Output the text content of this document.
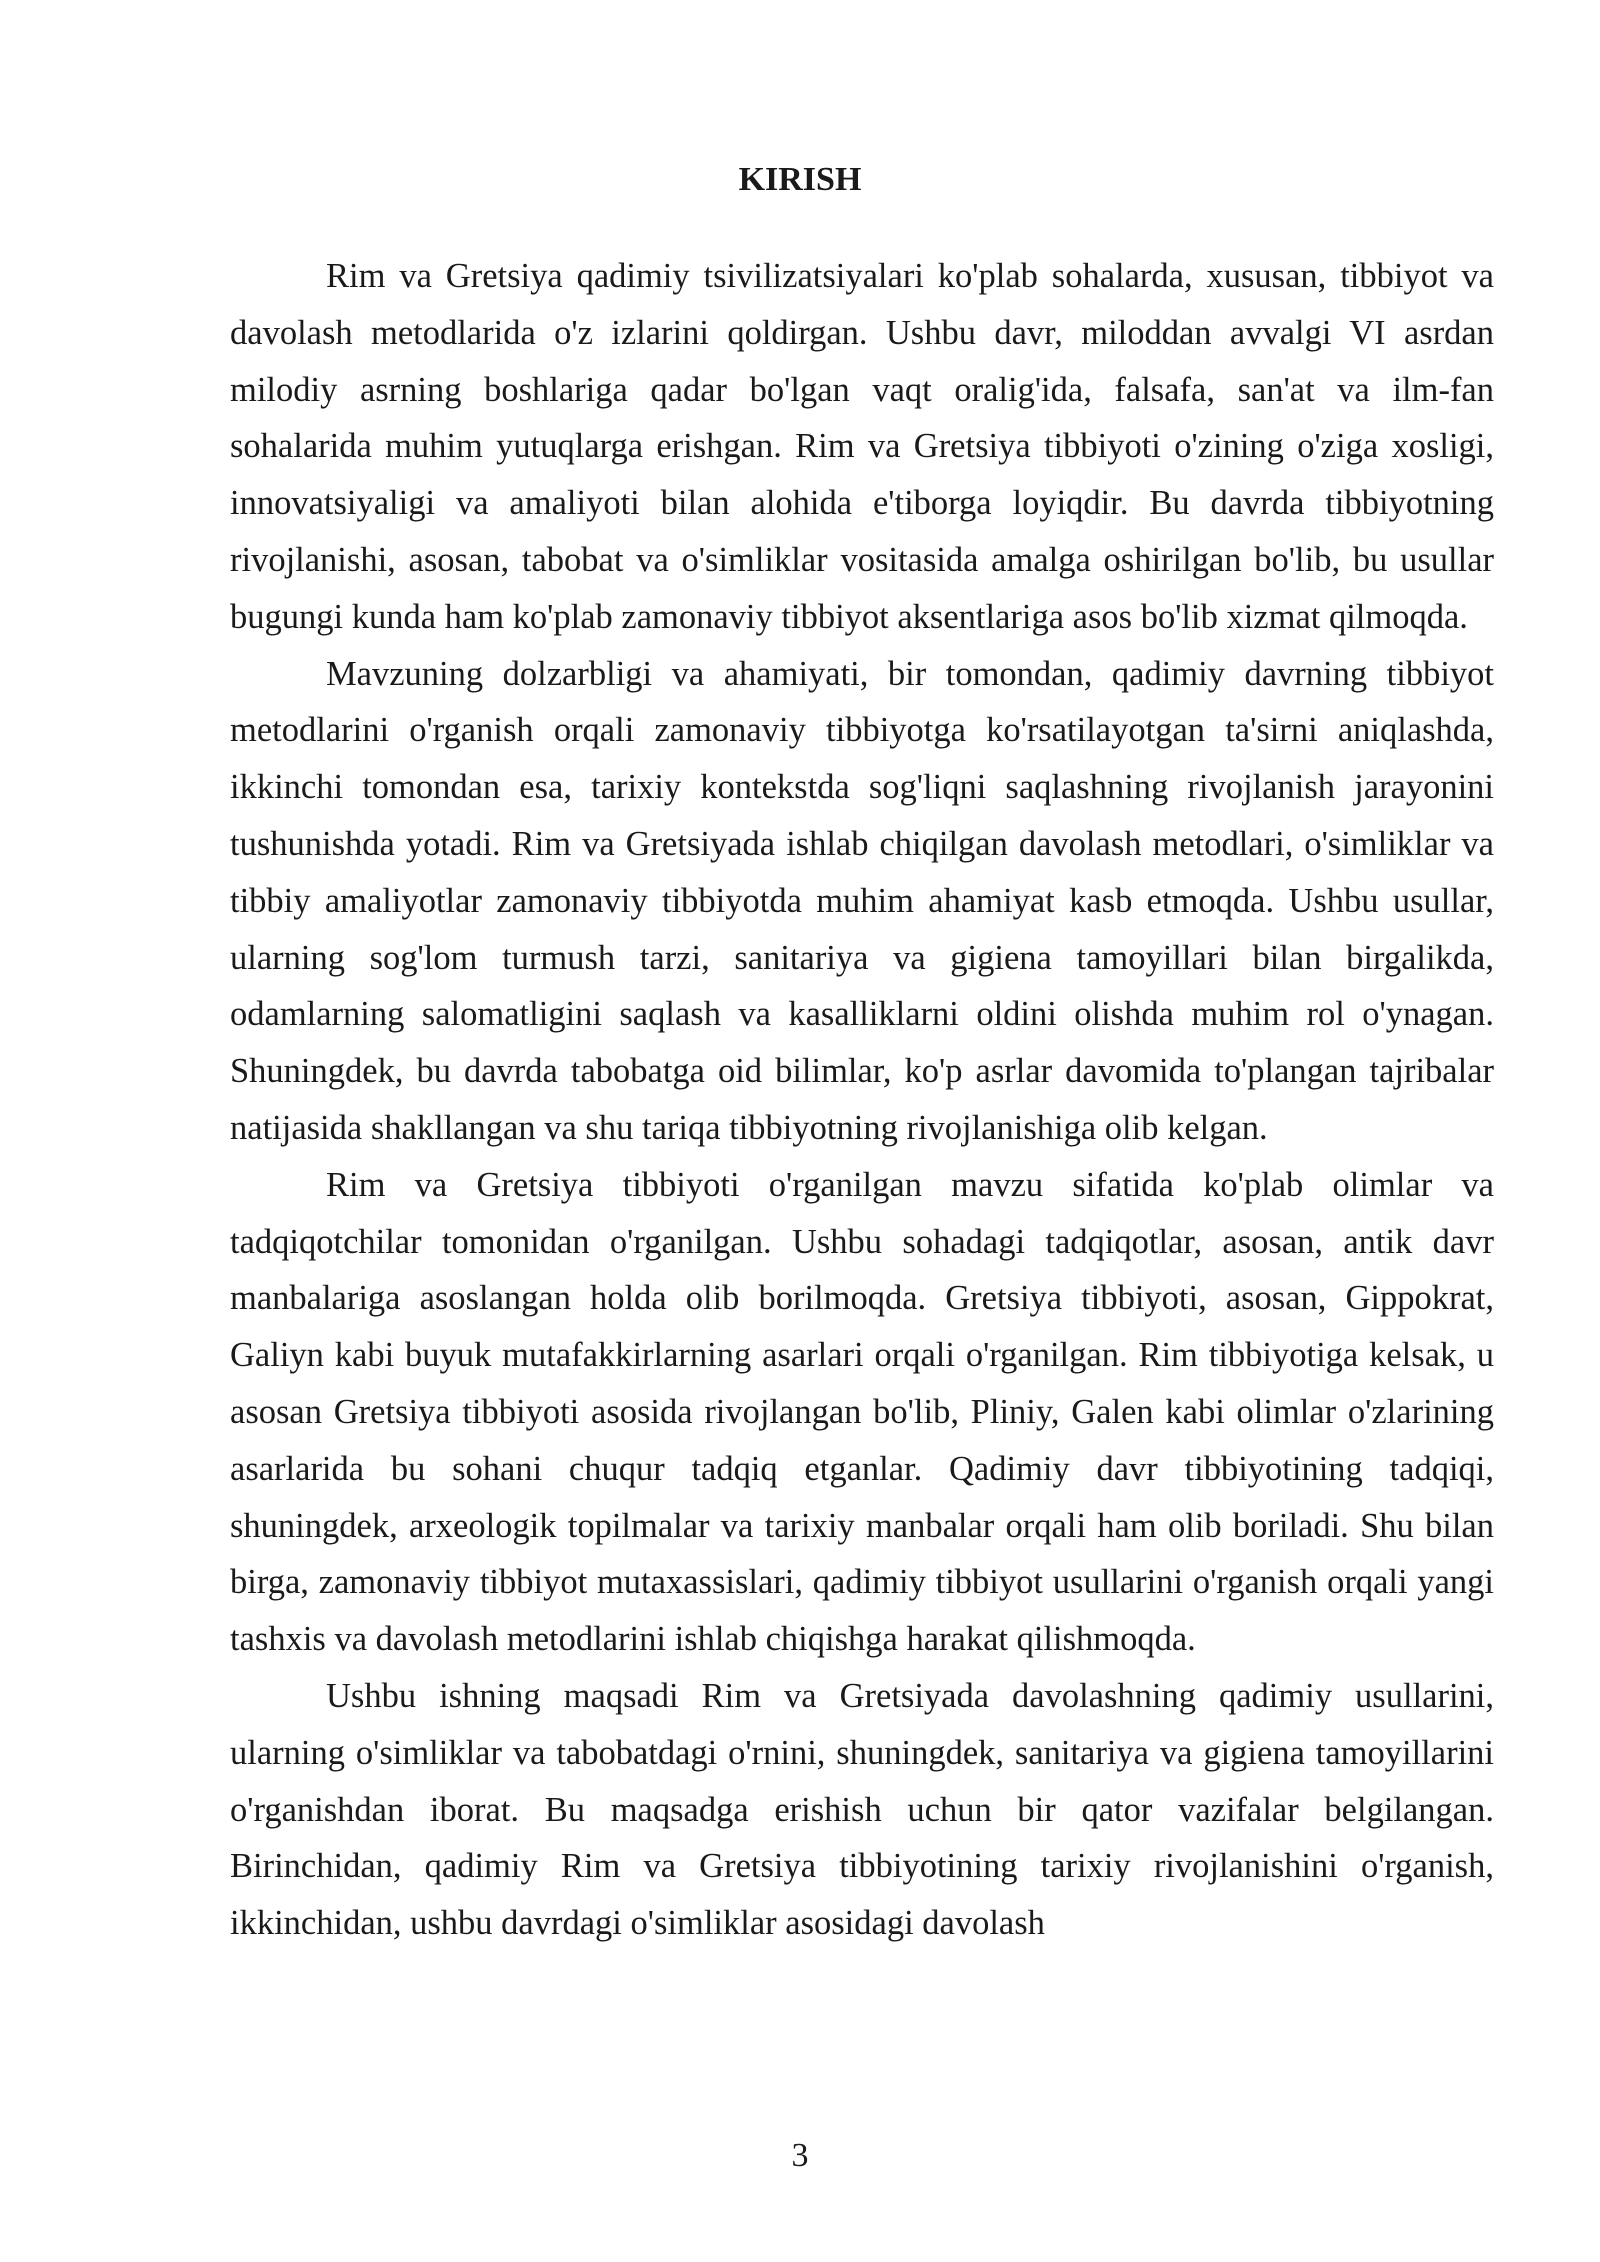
KIRISH

Rim va Gretsiya qadimiy tsivilizatsiyalari ko'plab sohalarda, xususan, tibbiyot va davolash metodlarida o'z izlarini qoldirgan. Ushbu davr, miloddan avvalgi VI asrdan milodiy asrning boshlariga qadar bo'lgan vaqt oralig'ida, falsafa, san'at va ilm-fan sohalarida muhim yutuqlarga erishgan. Rim va Gretsiya tibbiyoti o'zining o'ziga xosligi, innovatsiyaligi va amaliyoti bilan alohida e'tiborga loyiqdir. Bu davrda tibbiyotning rivojlanishi, asosan, tabobat va o'simliklar vositasida amalga oshirilgan bo'lib, bu usullar bugungi kunda ham ko'plab zamonaviy tibbiyot aksentlariga asos bo'lib xizmat qilmoqda.

Mavzuning dolzarbligi va ahamiyati, bir tomondan, qadimiy davrning tibbiyot metodlarini o'rganish orqali zamonaviy tibbiyotga ko'rsatilayotgan ta'sirni aniqlashda, ikkinchi tomondan esa, tarixiy kontekstda sog'liqni saqlashning rivojlanish jarayonini tushunishda yotadi. Rim va Gretsiyada ishlab chiqilgan davolash metodlari, o'simliklar va tibbiy amaliyotlar zamonaviy tibbiyotda muhim ahamiyat kasb etmoqda. Ushbu usullar, ularning sog'lom turmush tarzi, sanitariya va gigiena tamoyillari bilan birgalikda, odamlarning salomatligini saqlash va kasalliklarni oldini olishda muhim rol o'ynagan. Shuningdek, bu davrda tabobatga oid bilimlar, ko'p asrlar davomida to'plangan tajribalar natijasida shakllangan va shu tariqa tibbiyotning rivojlanishiga olib kelgan.

Rim va Gretsiya tibbiyoti o'rganilgan mavzu sifatida ko'plab olimlar va tadqiqotchilar tomonidan o'rganilgan. Ushbu sohadagi tadqiqotlar, asosan, antik davr manbalariga asoslangan holda olib borilmoqda. Gretsiya tibbiyoti, asosan, Gippokrat, Galiyn kabi buyuk mutafakkirlarning asarlari orqali o'rganilgan. Rim tibbiyotiga kelsak, u asosan Gretsiya tibbiyoti asosida rivojlangan bo'lib, Pliniy, Galen kabi olimlar o'zlarining asarlarida bu sohani chuqur tadqiq etganlar. Qadimiy davr tibbiyotining tadqiqi, shuningdek, arxeologik topilmalar va tarixiy manbalar orqali ham olib boriladi. Shu bilan birga, zamonaviy tibbiyot mutaxassislari, qadimiy tibbiyot usullarini o'rganish orqali yangi tashxis va davolash metodlarini ishlab chiqishga harakat qilishmoqda.

Ushbu ishning maqsadi Rim va Gretsiyada davolashning qadimiy usullarini, ularning o'simliklar va tabobatdagi o'rnini, shuningdek, sanitariya va gigiena tamoyillarini o'rganishdan iborat. Bu maqsadga erishish uchun bir qator vazifalar belgilangan. Birinchidan, qadimiy Rim va Gretsiya tibbiyotining tarixiy rivojlanishini o'rganish, ikkinchidan, ushbu davrdagi o'simliklar asosidagi davolash

3
